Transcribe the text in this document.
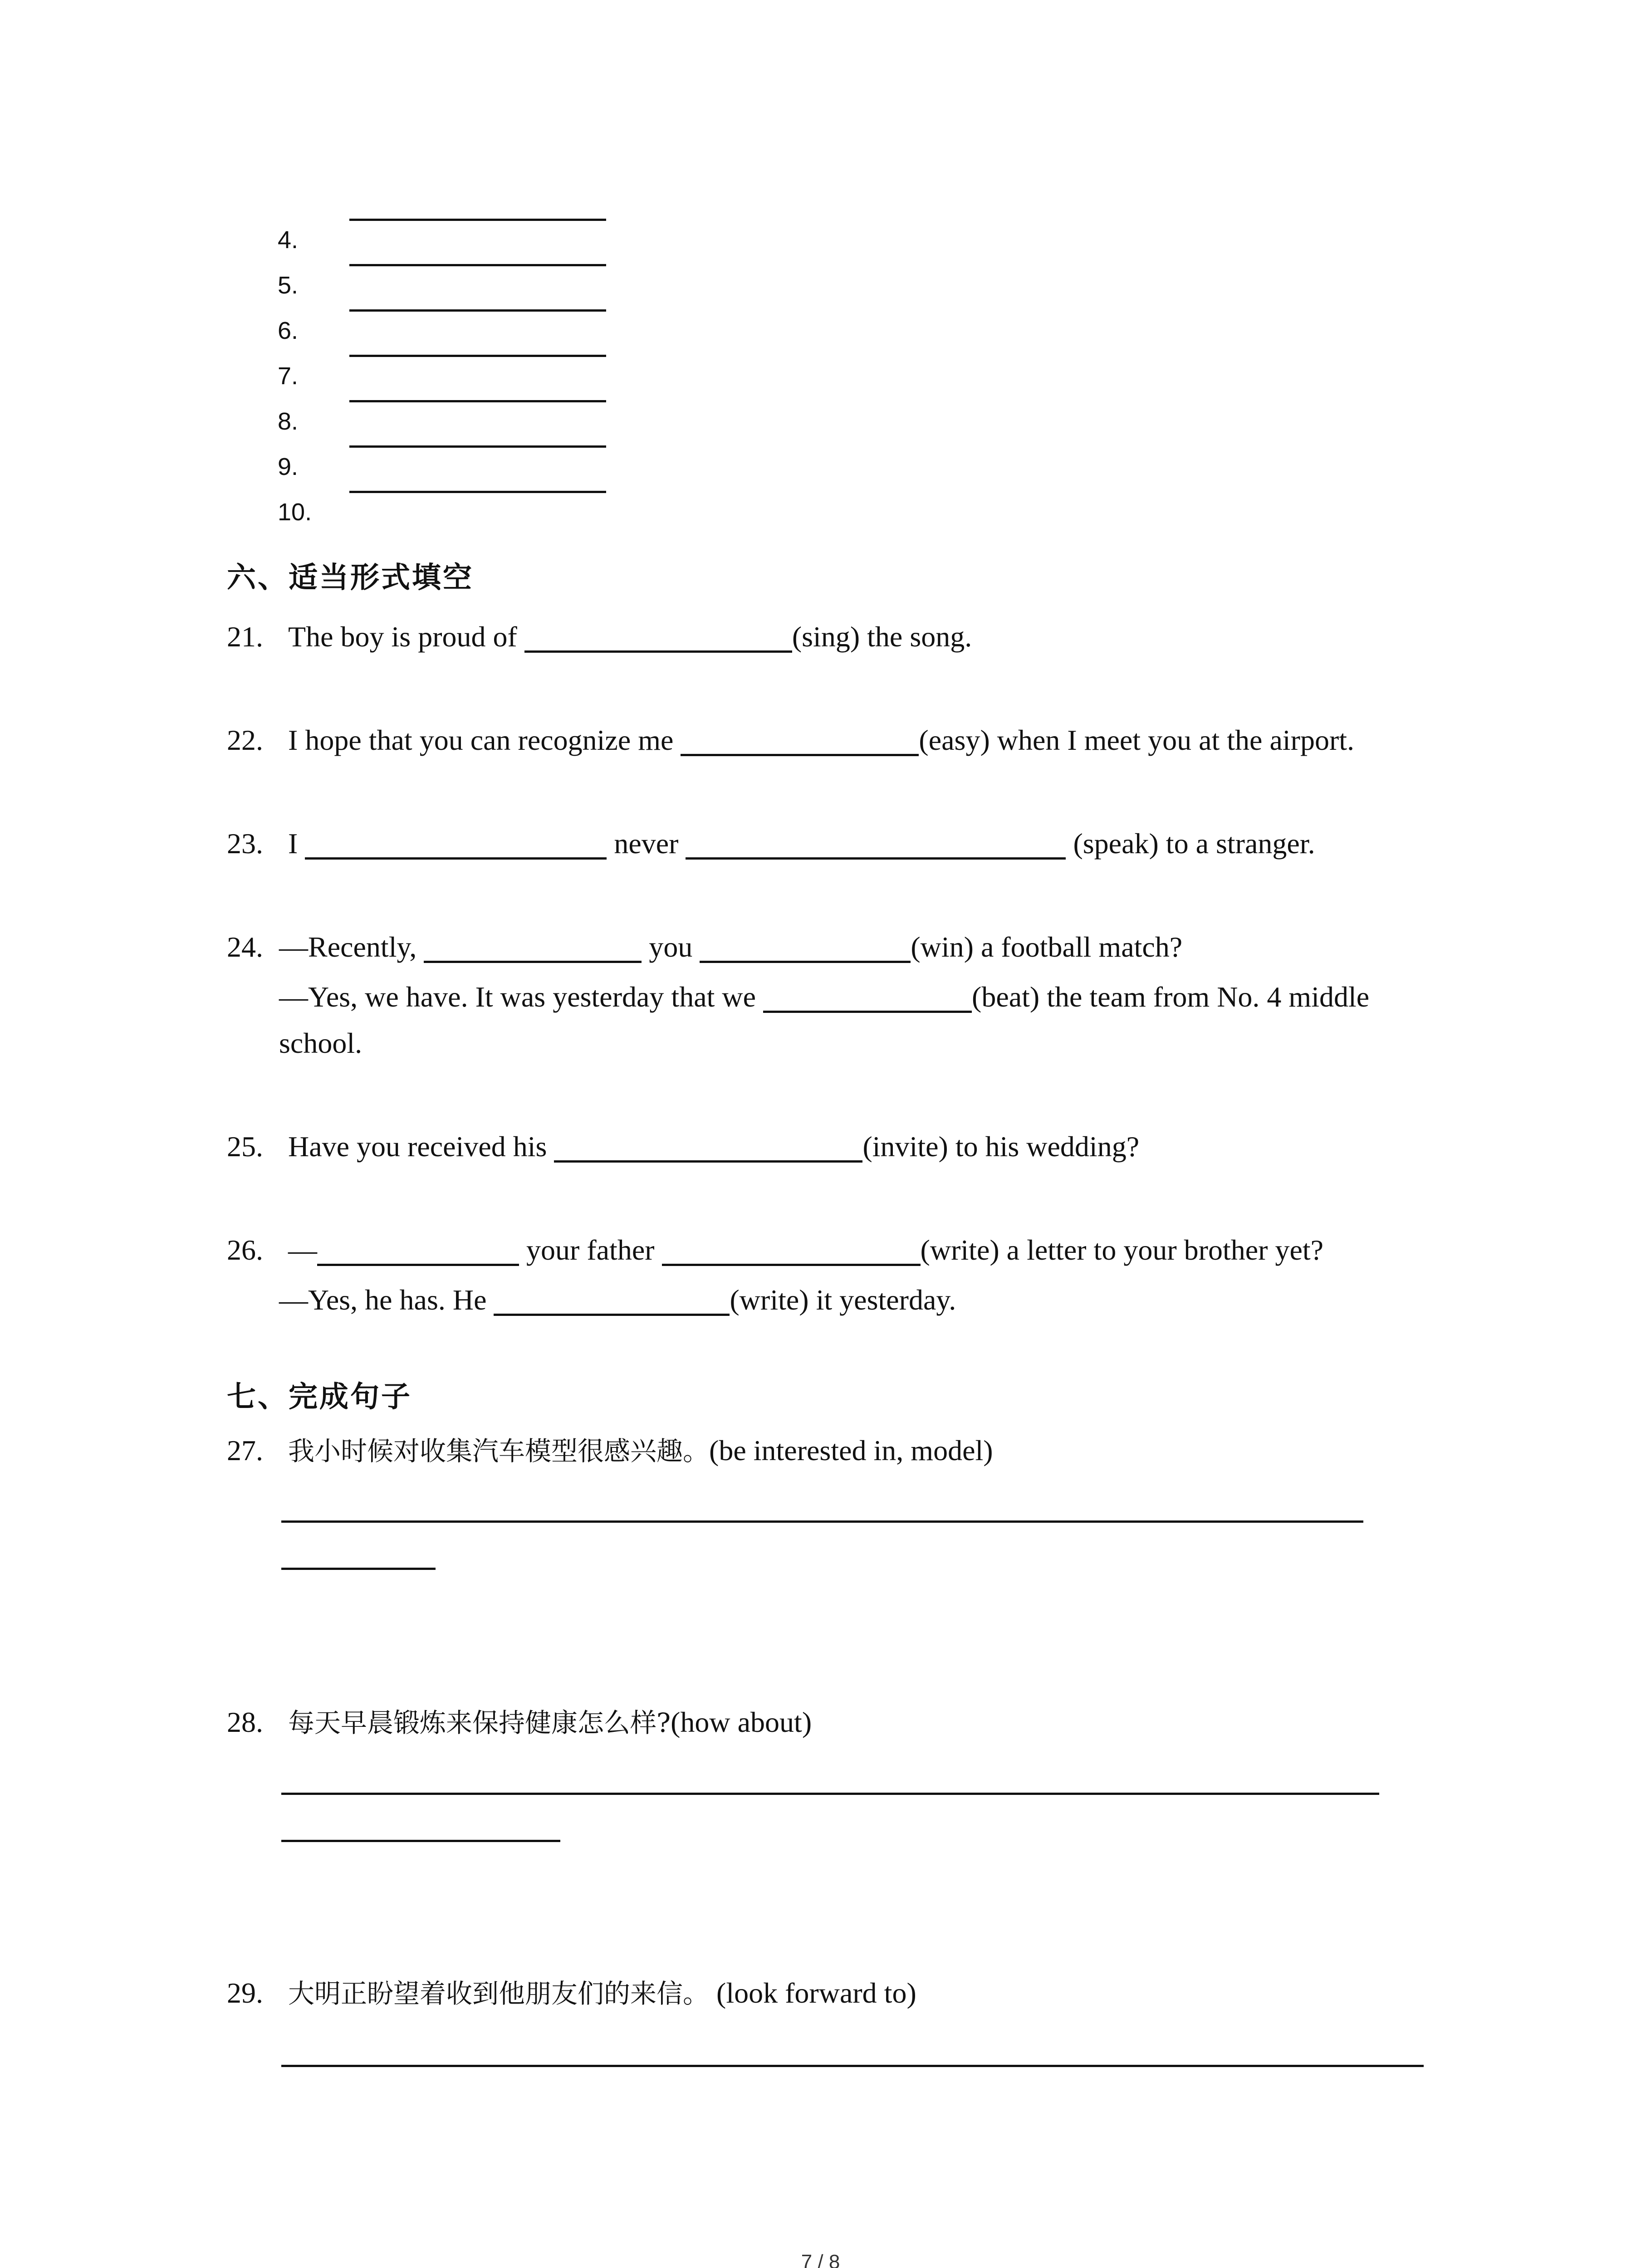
4.
5.
6.
7.
8.
9.
10.
六、适当形式填空
21. The boy is proud of	(sing) the song.
22. I hope that you can recognize me	(easy) when I meet you at the airport.
23. I	never	(speak) to a stranger.
24. —Recently,	you	(win) a football match?
—Yes, we have. It was yesterday that we	(beat) the team from No. 4 middle
school.
25. Have you received his	(invite) to his wedding?
26. —	your father	(write) a letter to your brother yet?
—Yes, he has. He	(write) it yesterday.
七、完成句子
27. 我小时候对收集汽车模型很感兴趣。(be interested in, model)
28. 每天早晨锻炼来保持健康怎么样?(how about)
29. 大明正盼望着收到他朋友们的来信。 (look forward to)
7 / 8
